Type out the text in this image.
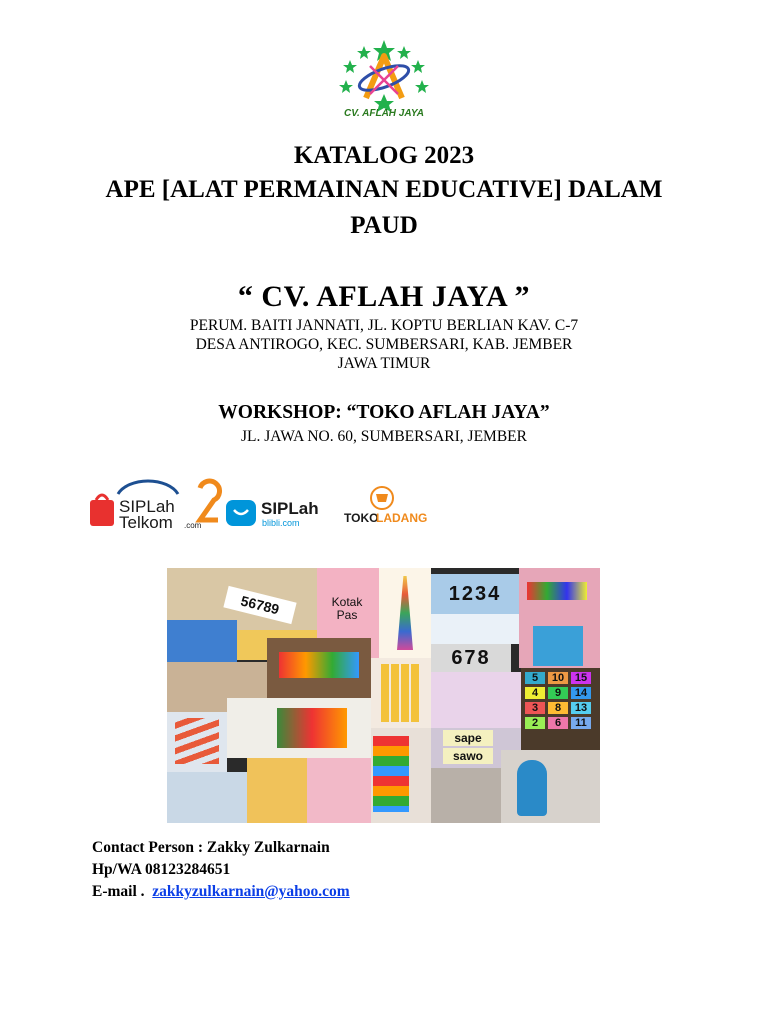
CV. AFLAH JAYA
KATALOG 2023
APE [ALAT PERMAINAN EDUCATIVE] DALAM
PAUD
“ CV. AFLAH JAYA ”
PERUM. BAITI JANNATI, JL. KOPTU BERLIAN KAV. C-7
DESA ANTIROGO, KEC. SUMBERSARI, KAB. JEMBER
JAWA TIMUR
WORKSHOP: “TOKO AFLAH JAYA”
JL. JAWA NO. 60, SUMBERSARI, JEMBER
SIPLah
Telkom .com
SIPLah
blibli.com	TOKO
LADANG
56789	Kotak Pas
1234
678
5	10 15
4	9	14
3	8	13
2	6	11
sape
sawo
Contact Person : Zakky Zulkarnain
Hp/WA 08123284651
E-mail . zakkyzulkarnain@yahoo.com
